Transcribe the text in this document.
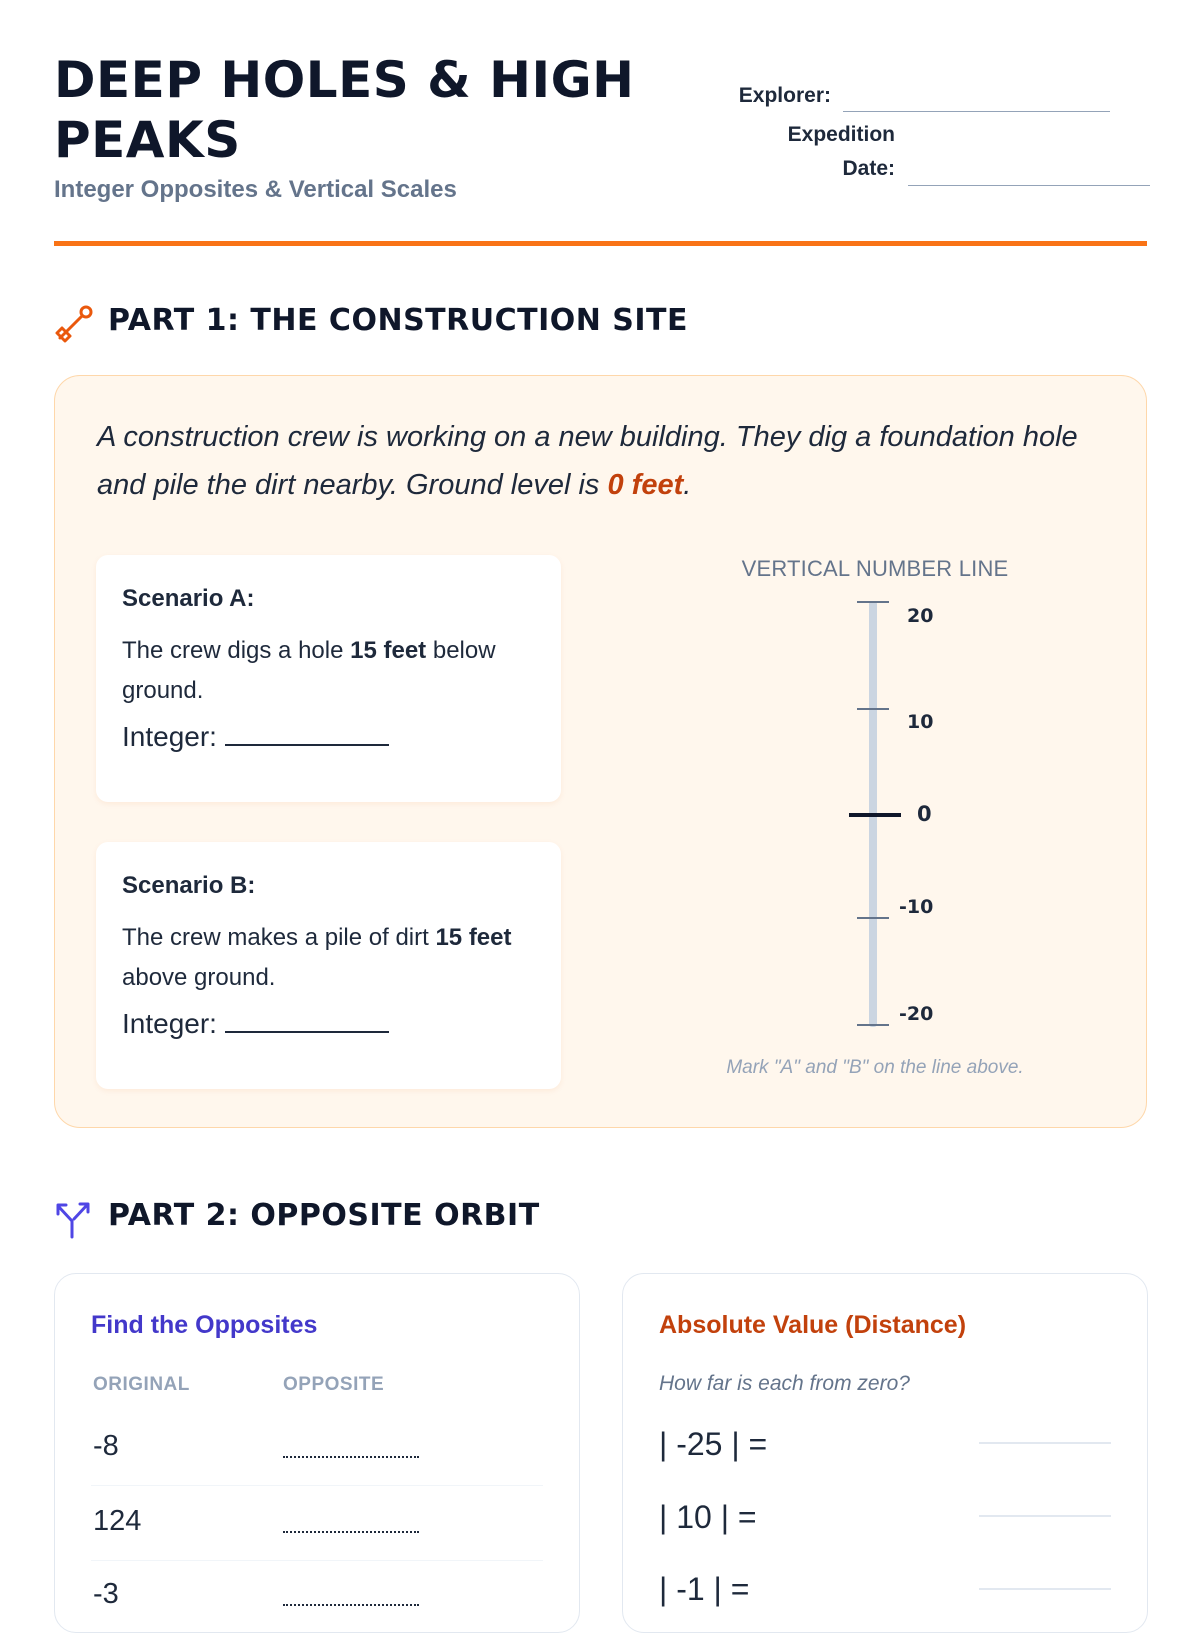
DEEP HOLES & HIGH PEAKS
Integer Opposites & Vertical Scales
Explorer:
Expedition
Date:
PART 1: THE CONSTRUCTION SITE

A construction crew is working on a new building. They dig a foundation hole and pile the dirt nearby. Ground level is 0 feet.

Scenario A:

The crew digs a hole 15 feet below ground.

Integer:

Scenario B:

The crew makes a pile of dirt 15 feet above ground.

Integer:

VERTICAL NUMBER LINE
20
10
0
-10
-20
Mark "A" and "B" on the line above.
PART 2: OPPOSITE ORBIT
Find the Opposites
ORIGINAL	OPPOSITE
-8
124
-3
Absolute Value (Distance)
How far is each from zero?
| -25 | =
| 10 | =
| -1 | =
